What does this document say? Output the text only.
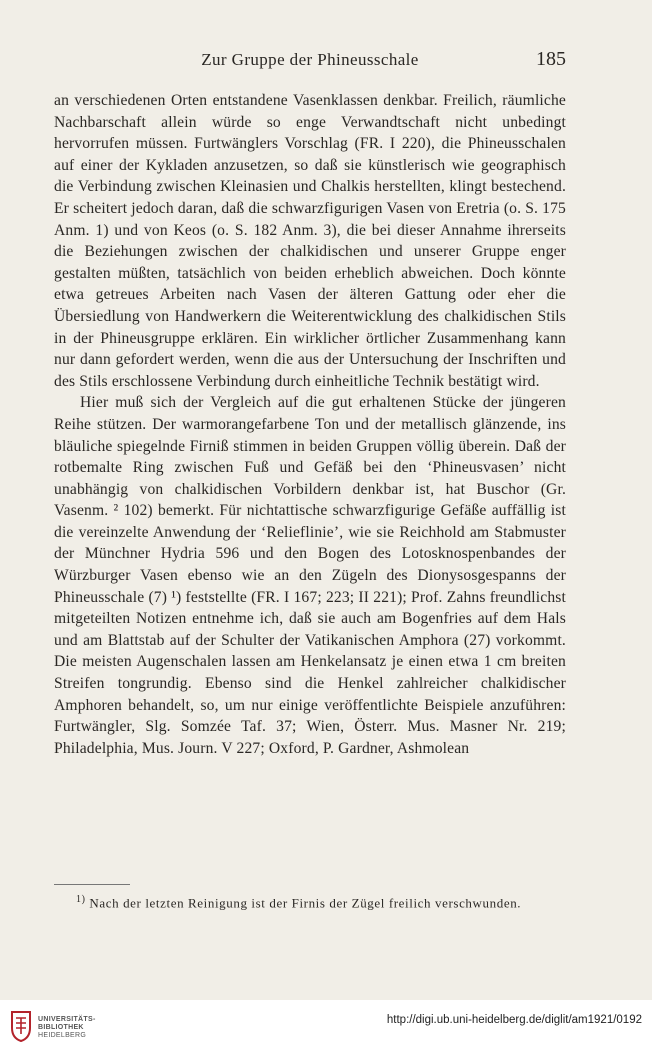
Zur Gruppe der Phineusschale	185

an verschiedenen Orten entstandene Vasenklassen denkbar. Freilich, räumliche Nachbarschaft allein würde so enge Verwandtschaft nicht unbedingt hervorrufen müssen. Furtwänglers Vorschlag (FR. I 220), die Phineusschalen auf einer der Kykladen anzusetzen, so daß sie künstlerisch wie geographisch die Verbindung zwischen Kleinasien und Chalkis herstellten, klingt bestechend. Er scheitert jedoch daran, daß die schwarzfigurigen Vasen von Eretria (o. S. 175 Anm. 1) und von Keos (o. S. 182 Anm. 3), die bei dieser Annahme ihrerseits die Beziehungen zwischen der chalkidischen und unserer Gruppe enger gestalten müßten, tatsächlich von beiden erheblich abweichen. Doch könnte etwa getreues Arbeiten nach Vasen der älteren Gattung oder eher die Übersiedlung von Handwerkern die Weiterentwicklung des chalkidischen Stils in der Phineusgruppe erklären. Ein wirklicher örtlicher Zusammenhang kann nur dann gefordert werden, wenn die aus der Untersuchung der Inschriften und des Stils erschlossene Verbindung durch einheitliche Technik bestätigt wird.

Hier muß sich der Vergleich auf die gut erhaltenen Stücke der jüngeren Reihe stützen. Der warmorangefarbene Ton und der metallisch glänzende, ins bläuliche spiegelnde Firniß stimmen in beiden Gruppen völlig überein. Daß der rotbemalte Ring zwischen Fuß und Gefäß bei den ‘Phineusvasen’ nicht unabhängig von chalkidischen Vorbildern denkbar ist, hat Buschor (Gr. Vasenm. ² 102) bemerkt. Für nichtattische schwarzfigurige Gefäße auffällig ist die vereinzelte Anwendung der ‘Relieflinie’, wie sie Reichhold am Stabmuster der Münchner Hydria 596 und den Bogen des Lotosknospenbandes der Würzburger Vasen ebenso wie an den Zügeln des Dionysosgespanns der Phineusschale (7) ¹) feststellte (FR. I 167; 223; II 221); Prof. Zahns freundlichst mitgeteilten Notizen entnehme ich, daß sie auch am Bogenfries auf dem Hals und am Blattstab auf der Schulter der Vatikanischen Amphora (27) vorkommt. Die meisten Augenschalen lassen am Henkelansatz je einen etwa 1 cm breiten Streifen tongrundig. Ebenso sind die Henkel zahlreicher chalkidischer Amphoren behandelt, so, um nur einige veröffentlichte Beispiele anzuführen: Furtwängler, Slg. Somzée Taf. 37; Wien, Österr. Mus. Masner Nr. 219; Philadelphia, Mus. Journ. V 227; Oxford, P. Gardner, Ashmolean

$^{1)}$ Nach der letzten Reinigung ist der Firnis der Zügel freilich verschwunden.
UNIVERSITÄTS-
BIBLIOTHEK
HEIDELBERG
http://digi.ub.uni-heidelberg.de/diglit/am1921/0192
